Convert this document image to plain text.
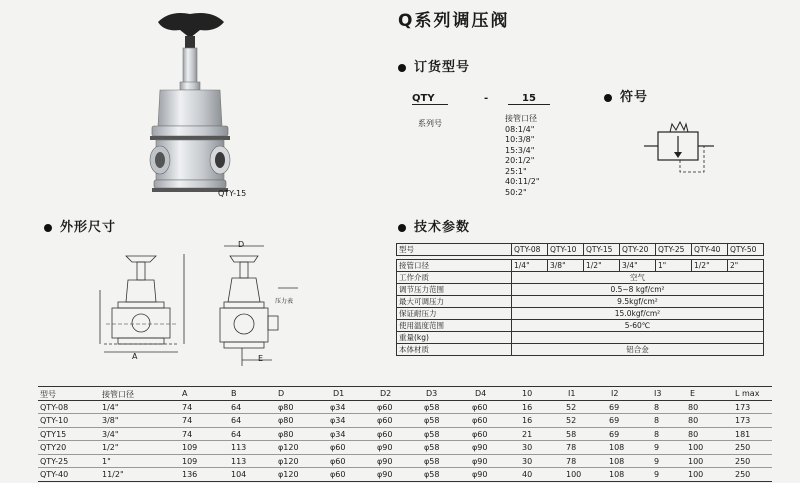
Q系列调压阀
QTY-15
订货型号
QTY	-	15
系列号
接管口径
08:1/4"
10:3/8"
15:3/4"
20:1/2"
25:1"
40:11/2"
50:2"
符号
外形尺寸
A
D
E
压力表
技术参数
型号	QTY-08	QTY-10	QTY-15	QTY-20	QTY-25	QTY-40	QTY-50

接管口径	1/4"	3/8"	1/2"	3/4"	1"	1/2"	2"
工作介质	空气						
调节压力范围	0.5~8 kgf/cm²						
最大可调压力	9.5kgf/cm²						
保证耐压力	15.0kgf/cm²						
使用温度范围	5-60℃						
重量(kg)							
本体材质	铝合金						
型号	接管口径	A	B	D	D1	D2	D3	D4	10	I1	I2	I3	E	L max
QTY-08	1/4"	74	64	φ80	φ34	φ60	φ58	φ60	16	52	69	8	80	173
QTY-10	3/8"	74	64	φ80	φ34	φ60	φ58	φ60	16	52	69	8	80	173
QTY15	3/4"	74	64	φ80	φ34	φ60	φ58	φ60	21	58	69	8	80	181
QTY20	1/2"	109	113	φ120	φ60	φ90	φ58	φ90	30	78	108	9	100	250
QTY-25	1"	109	113	φ120	φ60	φ90	φ58	φ90	30	78	108	9	100	250
QTY-40	11/2"	136	104	φ120	φ60	φ90	φ58	φ90	40	100	108	9	100	250
